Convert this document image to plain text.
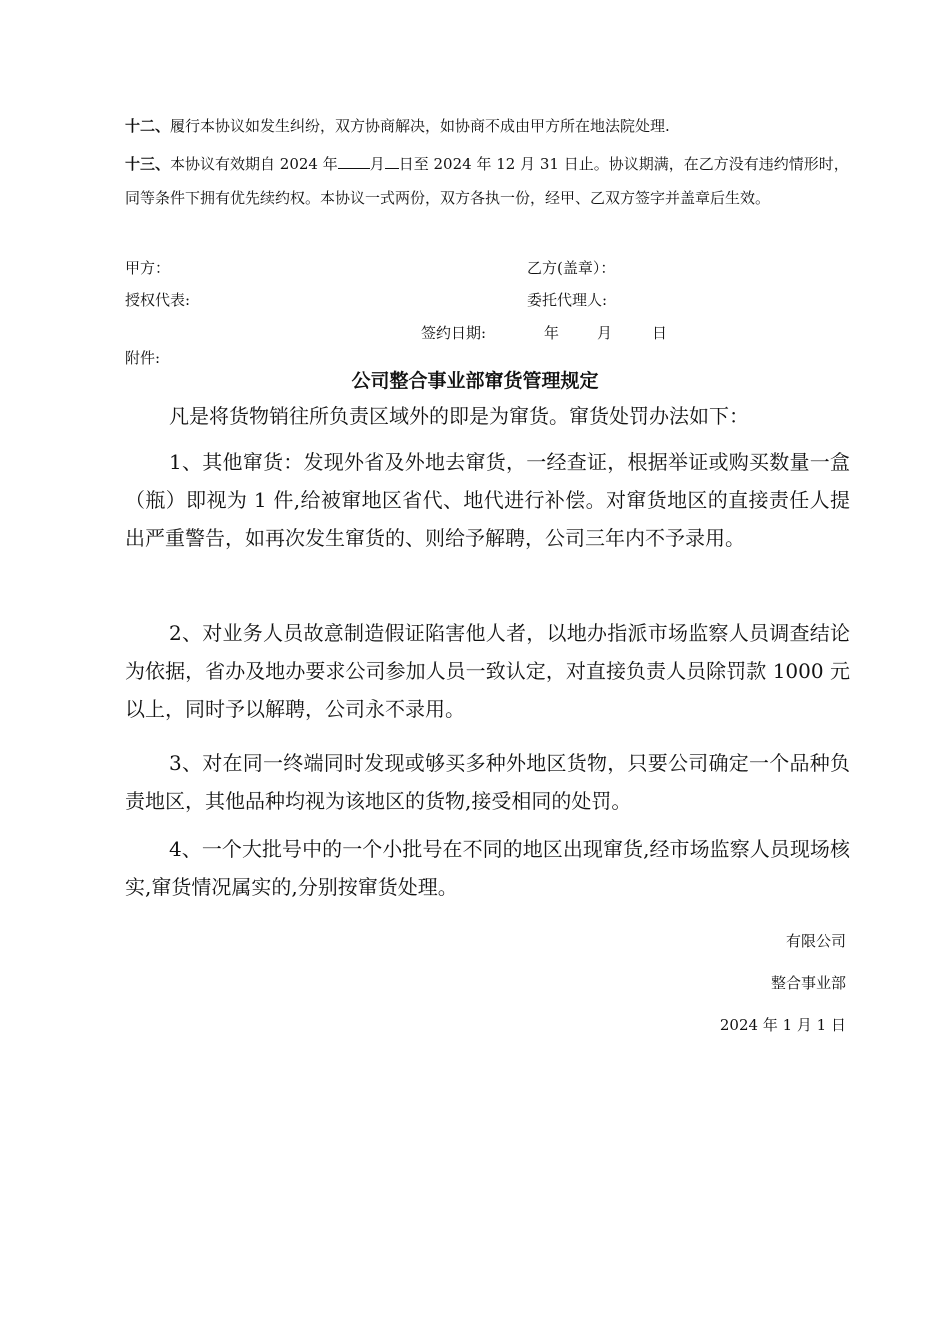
十二、履行本协议如发生纠纷，双方协商解决，如协商不成由甲方所在地法院处理.
十三、本协议有效期自 2024 年 月 日至 2024 年 12 月 31 日止。协议期满，在乙方没有违约情形时，同等条件下拥有优先续约权。本协议一式两份，双方各执一份，经甲、乙双方签字并盖章后生效。
甲方：	乙方(盖章）：
授权代表:	委托代理人:
签约日期:	年	月	日
附件:
公司整合事业部窜货管理规定
凡是将货物销往所负责区域外的即是为窜货。窜货处罚办法如下：
1、其他窜货：发现外省及外地去窜货，一经查证，根据举证或购买数量一盒（瓶）即视为 1 件,给被窜地区省代、地代进行补偿。对窜货地区的直接责任人提出严重警告，如再次发生窜货的、则给予解聘，公司三年内不予录用。
2、对业务人员故意制造假证陷害他人者，以地办指派市场监察人员调查结论为依据，省办及地办要求公司参加人员一致认定，对直接负责人员除罚款 1000 元以上，同时予以解聘，公司永不录用。
3、对在同一终端同时发现或够买多种外地区货物，只要公司确定一个品种负责地区，其他品种均视为该地区的货物,接受相同的处罚。
4、一个大批号中的一个小批号在不同的地区出现窜货,经市场监察人员现场核实,窜货情况属实的,分别按窜货处理。
有限公司
整合事业部
2024 年 1 月 1 日
